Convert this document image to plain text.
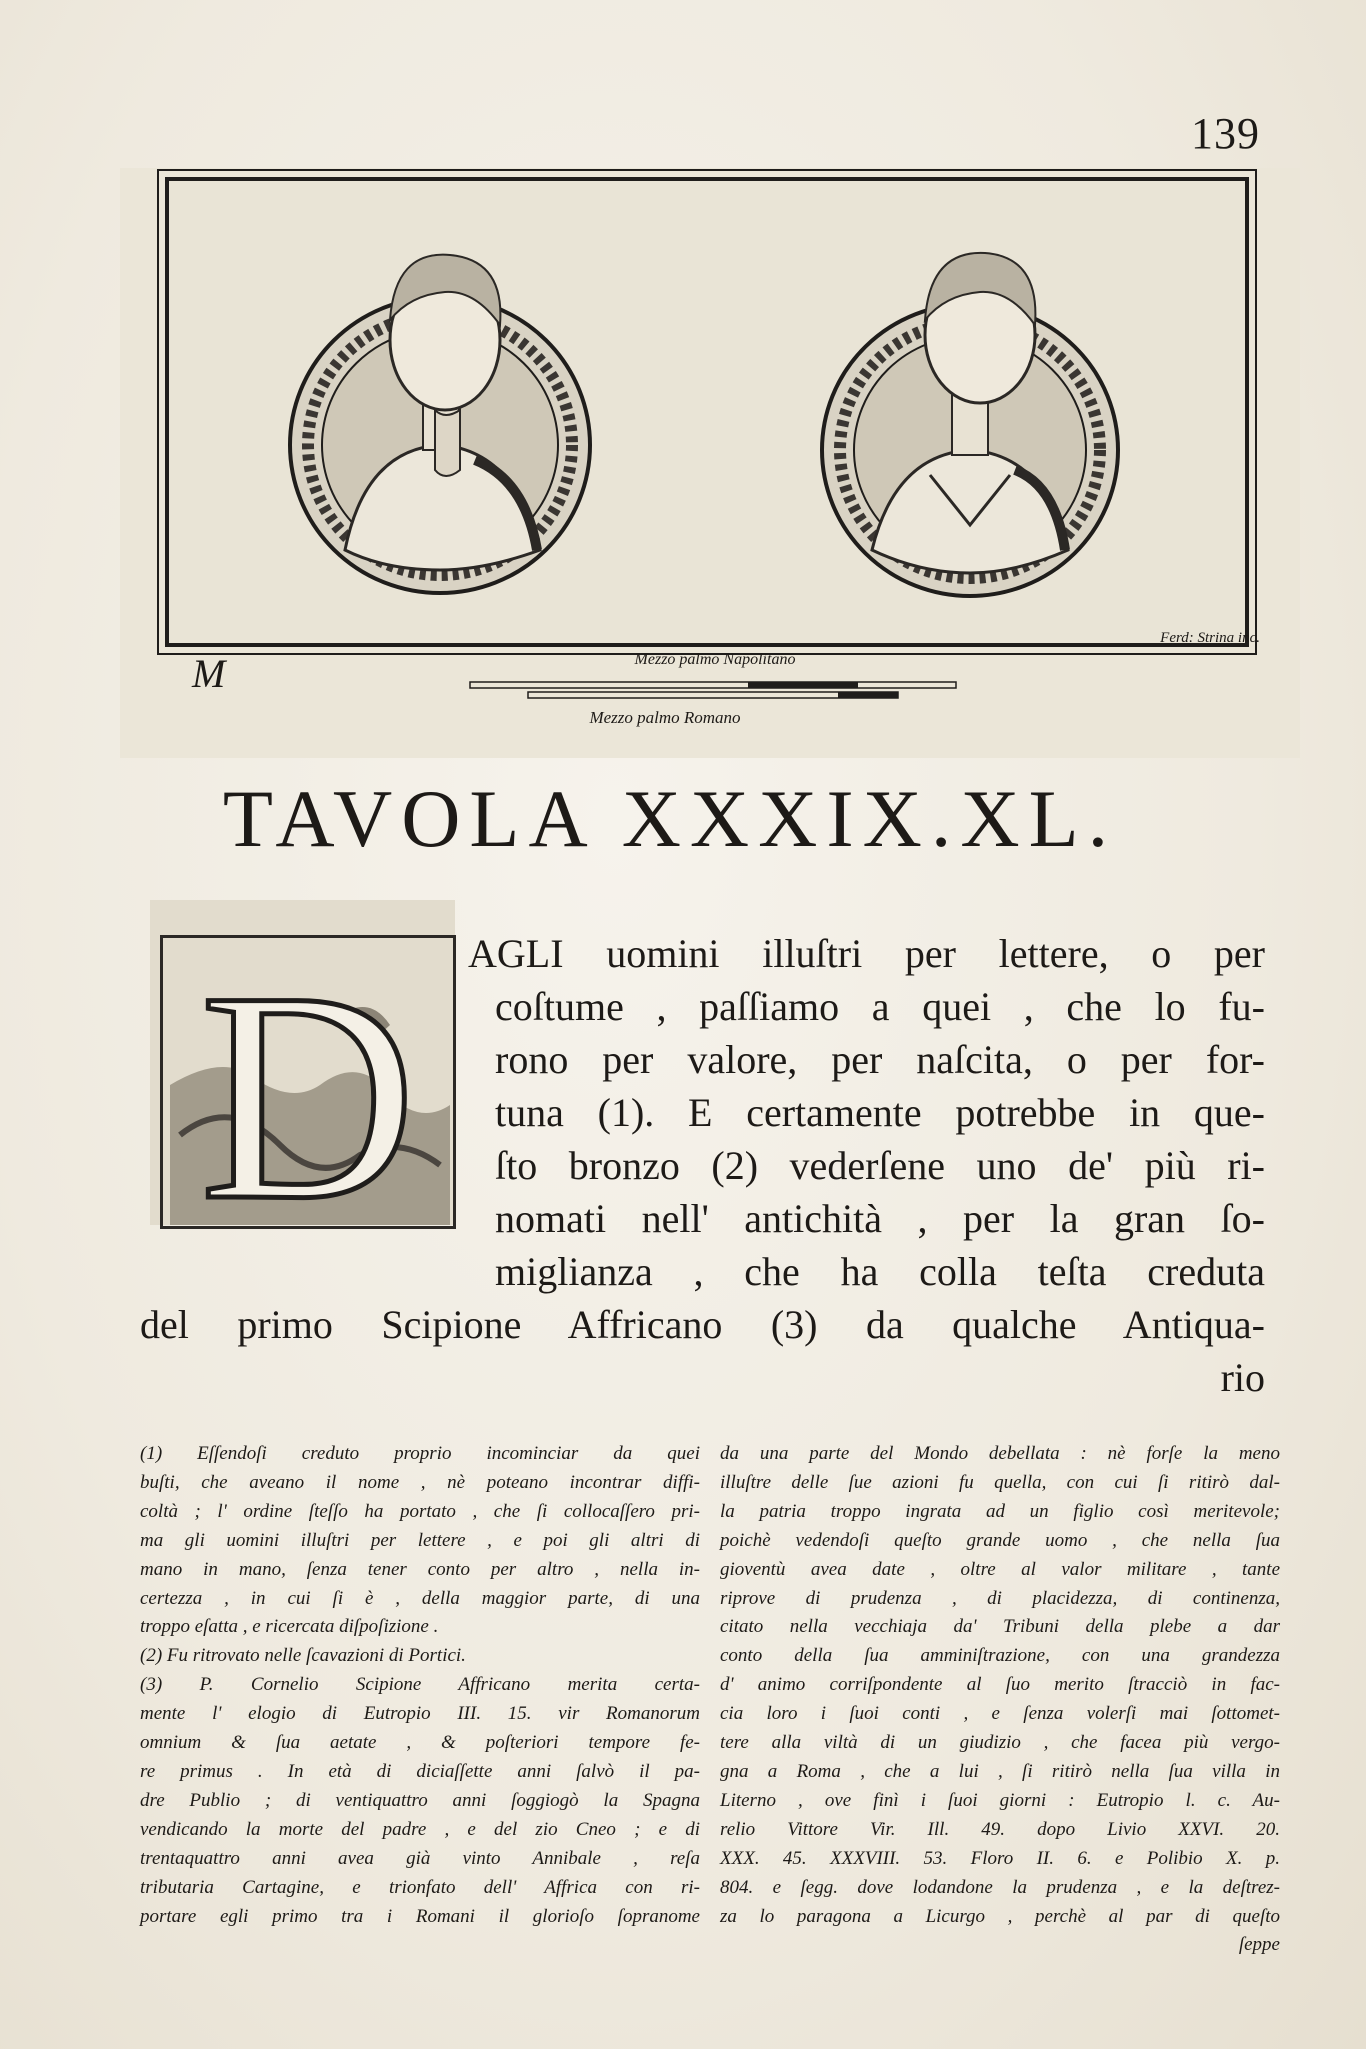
139
M
Ferd: Strina inc.
Mezzo palmo Napolitano
Mezzo palmo Romano
TAVOLA XXXIX.XL.
D AGLI uomini illuſtri per lettere, o per
coſtume , paſſiamo a quei , che lo fu-
rono per valore, per naſcita, o per for-
tuna (1). E certamente potrebbe in que-
ſto bronzo (2) vederſene uno de' più ri-
nomati nell' antichità , per la gran ſo-
miglianza , che ha colla teſta creduta
del primo Scipione Affricano (3) da qualche Antiqua-
rio
(1) Eſſendoſi creduto proprio incominciar da quei
buſti, che aveano il nome , nè poteano incontrar diffi-
coltà ; l' ordine ſteſſo ha portato , che ſi collocaſſero pri-
ma gli uomini illuſtri per lettere , e poi gli altri di
mano in mano, ſenza tener conto per altro , nella in-
certezza , in cui ſi è , della maggior parte, di una
troppo eſatta , e ricercata diſpoſizione .
(2) Fu ritrovato nelle ſcavazioni di Portici.
(3) P. Cornelio Scipione Affricano merita certa-
mente l' elogio di Eutropio III. 15. vir Romanorum
omnium & ſua aetate , & poſteriori tempore fe-
re primus . In età di diciaſſette anni ſalvò il pa-
dre Publio ; di ventiquattro anni ſoggiogò la Spagna
vendicando la morte del padre , e del zio Cneo ; e di
trentaquattro anni avea già vinto Annibale , reſa
tributaria Cartagine, e trionfato dell' Affrica con ri-
portare egli primo tra i Romani il glorioſo ſopranome
da una parte del Mondo debellata : nè forſe la meno
illuſtre delle ſue azioni fu quella, con cui ſi ritirò dal-
la patria troppo ingrata ad un figlio così meritevole;
poichè vedendoſi queſto grande uomo , che nella ſua
gioventù avea date , oltre al valor militare , tante
riprove di prudenza , di placidezza, di continenza,
citato nella vecchiaja da' Tribuni della plebe a dar
conto della ſua amminiſtrazione, con una grandezza
d' animo corriſpondente al ſuo merito ſtracciò in fac-
cia loro i ſuoi conti , e ſenza volerſi mai ſottomet-
tere alla viltà di un giudizio , che facea più vergo-
gna a Roma , che a lui , ſi ritirò nella ſua villa in
Literno , ove finì i ſuoi giorni : Eutropio l. c. Au-
relio Vittore Vir. Ill. 49. dopo Livio XXVI. 20.
XXX. 45. XXXVIII. 53. Floro II. 6. e Polibio X. p.
804. e ſegg. dove lodandone la prudenza , e la deſtrez-
za lo paragona a Licurgo , perchè al par di queſto
ſeppe
